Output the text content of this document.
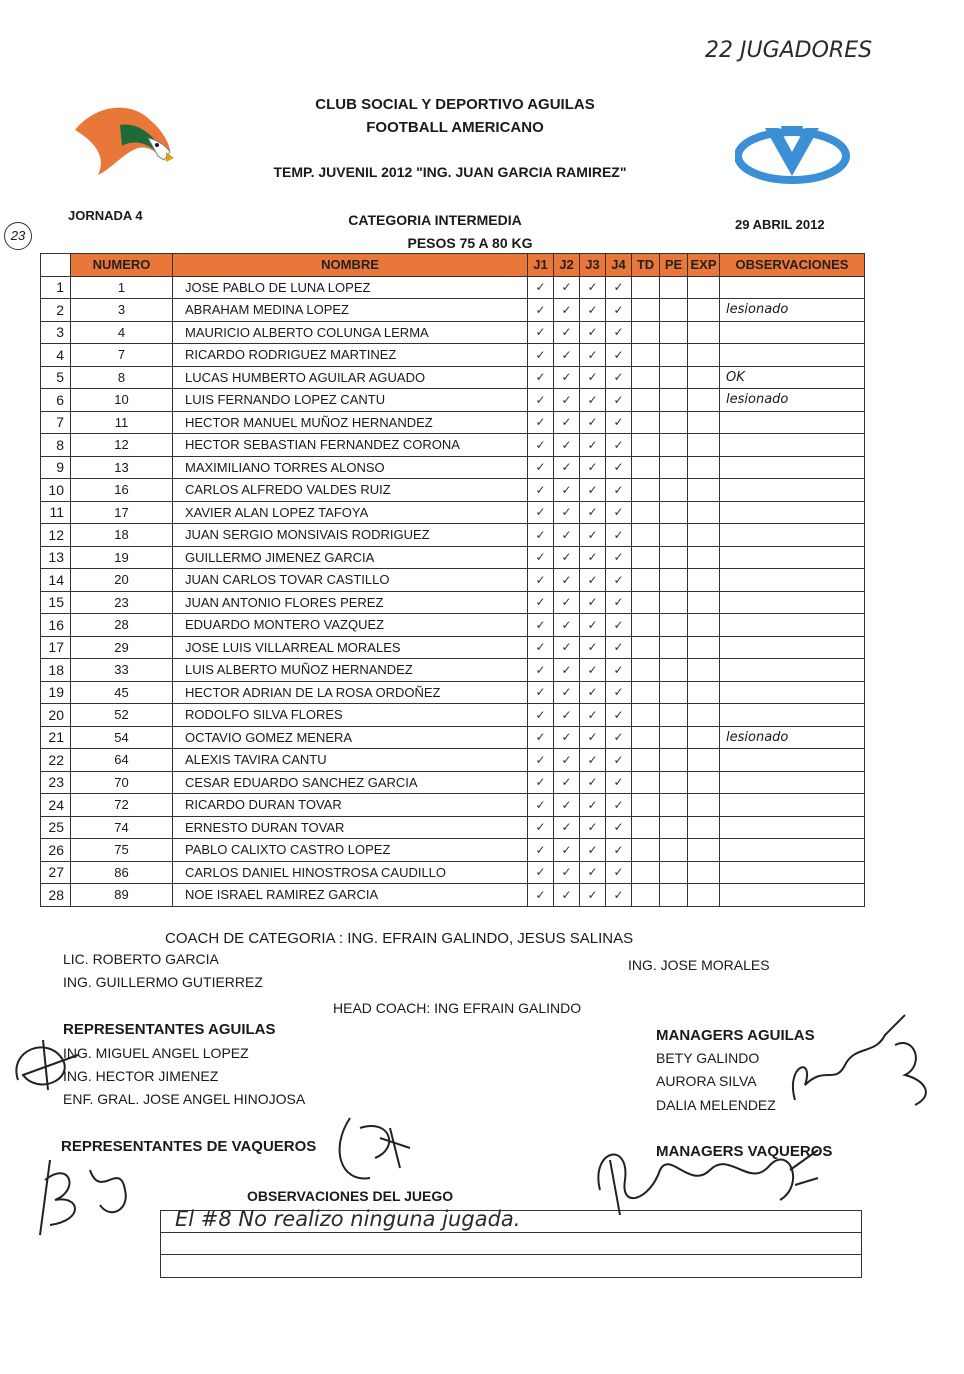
22 JUGADORES
23
CLUB SOCIAL Y DEPORTIVO AGUILAS
FOOTBALL AMERICANO
TEMP. JUVENIL 2012 "ING. JUAN GARCIA RAMIREZ"
JORNADA 4	CATEGORIA INTERMEDIA
PESOS 75 A 80 KG
29 ABRIL 2012
	NUMERO	NOMBRE	J1	J2	J3	J4	TD	PE	EXP	OBSERVACIONES
1	1	JOSE PABLO DE LUNA LOPEZ	✓	✓	✓	✓				
2	3	ABRAHAM MEDINA LOPEZ	✓	✓	✓	✓				lesionado
3	4	MAURICIO ALBERTO COLUNGA LERMA	✓	✓	✓	✓				
4	7	RICARDO RODRIGUEZ MARTINEZ	✓	✓	✓	✓				
5	8	LUCAS HUMBERTO AGUILAR AGUADO	✓	✓	✓	✓				OK
6	10	LUIS FERNANDO LOPEZ CANTU	✓	✓	✓	✓				lesionado
7	11	HECTOR MANUEL MUÑOZ HERNANDEZ	✓	✓	✓	✓				
8	12	HECTOR SEBASTIAN FERNANDEZ CORONA	✓	✓	✓	✓				
9	13	MAXIMILIANO TORRES ALONSO	✓	✓	✓	✓				
10	16	CARLOS ALFREDO VALDES RUIZ	✓	✓	✓	✓				
11	17	XAVIER ALAN LOPEZ TAFOYA	✓	✓	✓	✓				
12	18	JUAN SERGIO MONSIVAIS RODRIGUEZ	✓	✓	✓	✓				
13	19	GUILLERMO JIMENEZ GARCIA	✓	✓	✓	✓				
14	20	JUAN CARLOS TOVAR CASTILLO	✓	✓	✓	✓				
15	23	JUAN ANTONIO FLORES PEREZ	✓	✓	✓	✓				
16	28	EDUARDO MONTERO VAZQUEZ	✓	✓	✓	✓				
17	29	JOSE LUIS VILLARREAL MORALES	✓	✓	✓	✓				
18	33	LUIS ALBERTO MUÑOZ HERNANDEZ	✓	✓	✓	✓				
19	45	HECTOR ADRIAN DE LA ROSA ORDOÑEZ	✓	✓	✓	✓				
20	52	RODOLFO SILVA FLORES	✓	✓	✓	✓				
21	54	OCTAVIO GOMEZ MENERA	✓	✓	✓	✓				lesionado
22	64	ALEXIS TAVIRA CANTU	✓	✓	✓	✓				
23	70	CESAR EDUARDO SANCHEZ GARCIA	✓	✓	✓	✓				
24	72	RICARDO DURAN TOVAR	✓	✓	✓	✓				
25	74	ERNESTO DURAN TOVAR	✓	✓	✓	✓				
26	75	PABLO CALIXTO CASTRO LOPEZ	✓	✓	✓	✓				
27	86	CARLOS DANIEL HINOSTROSA CAUDILLO	✓	✓	✓	✓				
28	89	NOE ISRAEL RAMIREZ GARCIA	✓	✓	✓	✓				
COACH DE CATEGORIA : ING. EFRAIN GALINDO, JESUS SALINAS
LIC. ROBERTO GARCIA
ING. GUILLERMO GUTIERREZ
ING. JOSE MORALES
HEAD COACH: ING EFRAIN GALINDO
REPRESENTANTES AGUILAS
ING. MIGUEL ANGEL LOPEZ
ING. HECTOR JIMENEZ
ENF. GRAL. JOSE ANGEL HINOJOSA
MANAGERS AGUILAS
BETY GALINDO
AURORA SILVA
DALIA MELENDEZ
REPRESENTANTES DE VAQUEROS	MANAGERS VAQUEROS
OBSERVACIONES DEL JUEGO
El #8 No realizo ninguna jugada.
